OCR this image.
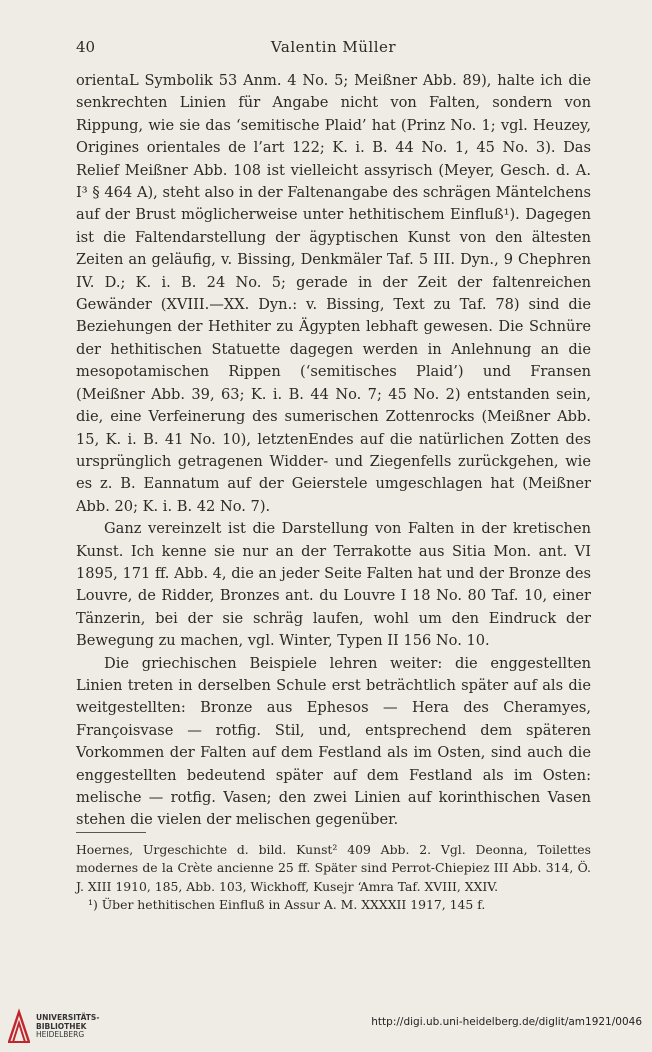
40	Valentin Müller

orientaL Symbolik 53 Anm. 4 No. 5; Meißner Abb. 89), halte ich die senkrechten Linien für Angabe nicht von Falten, sondern von Rippung, wie sie das ‘semitische Plaid’ hat (Prinz No. 1; vgl. Heuzey, Origines orientales de l’art 122; K. i. B. 44 No. 1, 45 No. 3). Das Relief Meißner Abb. 108 ist vielleicht assyrisch (Meyer, Gesch. d. A. I³ § 464 A), steht also in der Faltenangabe des schrägen Mäntelchens auf der Brust möglicherweise unter hethitischem Einfluß¹). Dagegen ist die Faltendarstellung der ägyptischen Kunst von den ältesten Zeiten an geläufig, v. Bissing, Denkmäler Taf. 5 III. Dyn., 9 Chephren IV. D.; K. i. B. 24 No. 5; gerade in der Zeit der faltenreichen Gewänder (XVIII.—XX. Dyn.: v. Bissing, Text zu Taf. 78) sind die Beziehungen der Hethiter zu Ägypten lebhaft gewesen. Die Schnüre der hethitischen Statuette dagegen werden in Anlehnung an die mesopotamischen Rippen (‘semitisches Plaid’) und Fransen (Meißner Abb. 39, 63; K. i. B. 44 No. 7; 45 No. 2) entstanden sein, die, eine Verfeinerung des sumerischen Zottenrocks (Meißner Abb. 15, K. i. B. 41 No. 10), letztenEndes auf die natürlichen Zotten des ursprünglich getragenen Widder- und Ziegenfells zurückgehen, wie es z. B. Eannatum auf der Geierstele umgeschlagen hat (Meißner Abb. 20; K. i. B. 42 No. 7).

Ganz vereinzelt ist die Darstellung von Falten in der kretischen Kunst. Ich kenne sie nur an der Terrakotte aus Sitia Mon. ant. VI 1895, 171 ff. Abb. 4, die an jeder Seite Falten hat und der Bronze des Louvre, de Ridder, Bronzes ant. du Louvre I 18 No. 80 Taf. 10, einer Tänzerin, bei der sie schräg laufen, wohl um den Eindruck der Bewegung zu machen, vgl. Winter, Typen II 156 No. 10.

Die griechischen Beispiele lehren weiter: die enggestellten Linien treten in derselben Schule erst beträchtlich später auf als die weitgestellten: Bronze aus Ephesos — Hera des Cheramyes, Françoisvase — rotfig. Stil, und, entsprechend dem späteren Vorkommen der Falten auf dem Festland als im Osten, sind auch die enggestellten bedeutend später auf dem Festland als im Osten: melische — rotfig. Vasen; den zwei Linien auf korinthischen Vasen stehen die vielen der melischen gegenüber.

Hoernes, Urgeschichte d. bild. Kunst² 409 Abb. 2. Vgl. Deonna, Toilettes modernes de la Crète ancienne 25 ff. Später sind Perrot-Chiepiez III Abb. 314, Ö. J. XIII 1910, 185, Abb. 103, Wickhoff, Kusejr ‘Amra Taf. XVIII, XXIV.

¹) Über hethitischen Einfluß in Assur A. M. XXXXII 1917, 145 f.

UNIVERSITÄTS-
BIBLIOTHEK
HEIDELBERG
http://digi.ub.uni-heidelberg.de/diglit/am1921/0046
